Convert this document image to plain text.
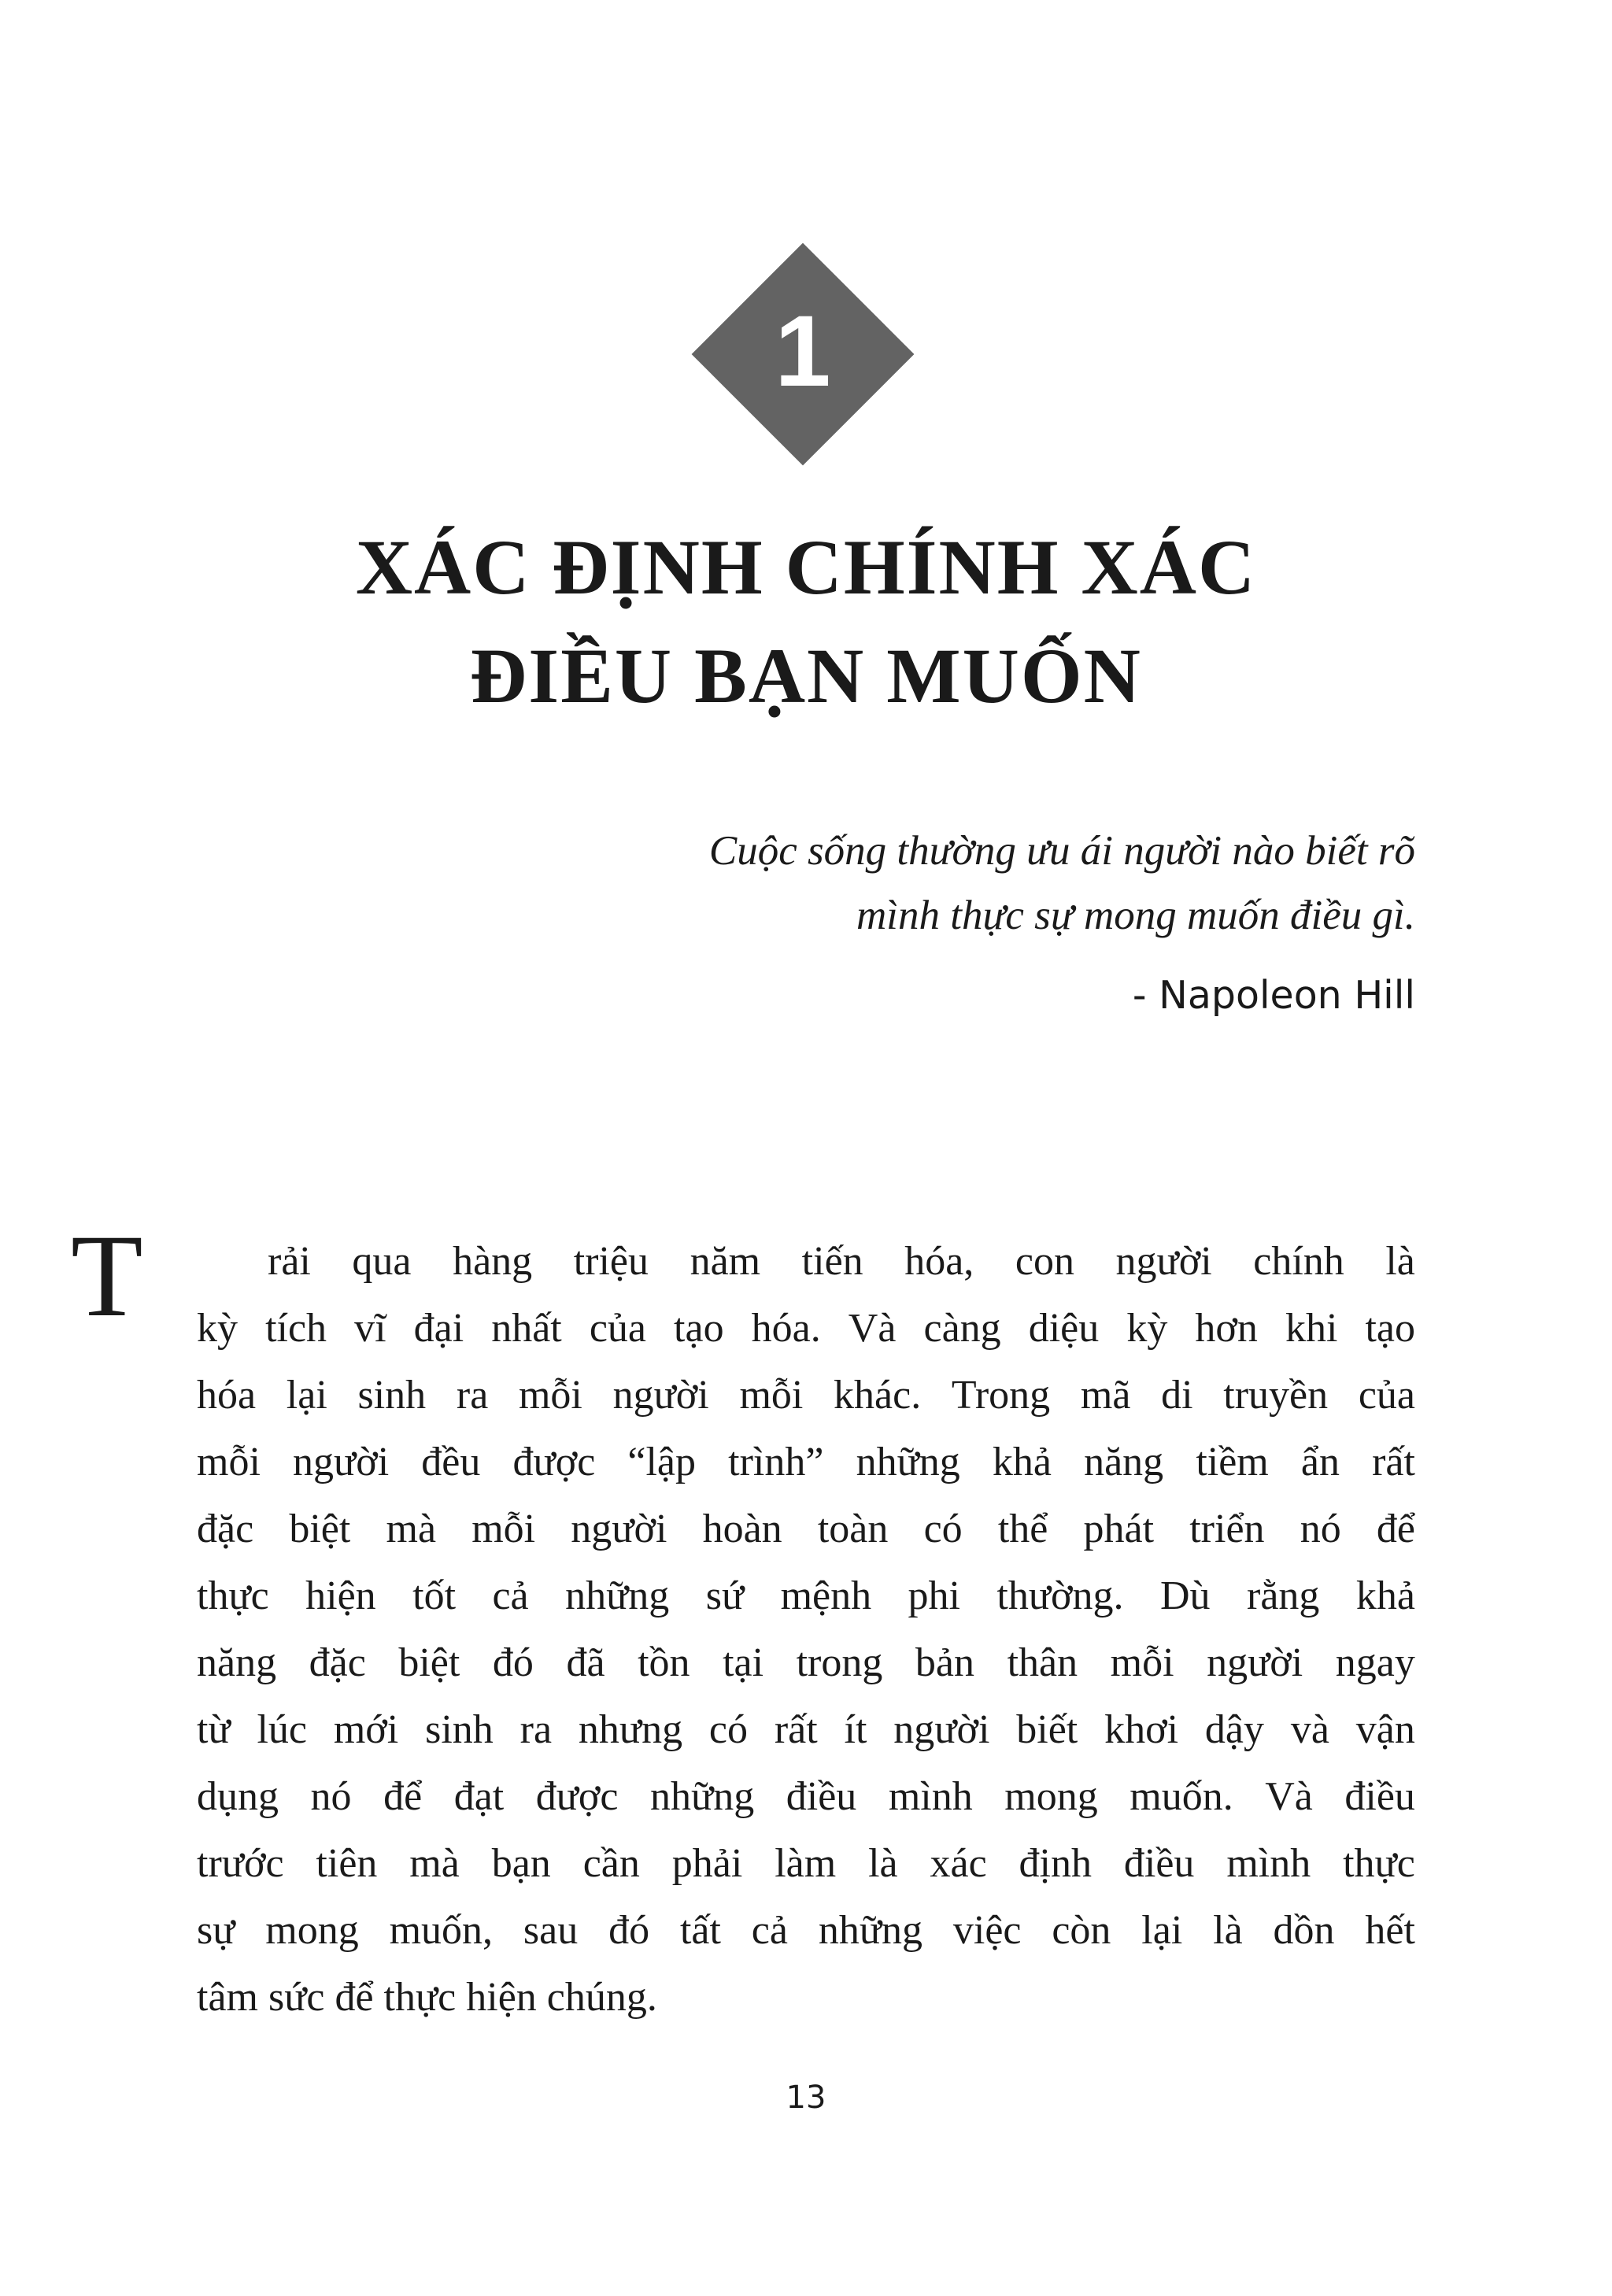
1
XÁC ĐỊNH CHÍNH XÁC
ĐIỀU BẠN MUỐN
Cuộc sống thường ưu ái người nào biết rõ
mình thực sự mong muốn điều gì.
- Napoleon Hill
T	rải qua hàng triệu năm tiến hóa, con người chính là
kỳ tích vĩ đại nhất của tạo hóa. Và càng diệu kỳ hơn khi tạo
hóa lại sinh ra mỗi người mỗi khác. Trong mã di truyền của
mỗi người đều được “lập trình” những khả năng tiềm ẩn rất
đặc biệt mà mỗi người hoàn toàn có thể phát triển nó để
thực hiện tốt cả những sứ mệnh phi thường. Dù rằng khả
năng đặc biệt đó đã tồn tại trong bản thân mỗi người ngay
từ lúc mới sinh ra nhưng có rất ít người biết khơi dậy và vận
dụng nó để đạt được những điều mình mong muốn. Và điều
trước tiên mà bạn cần phải làm là xác định điều mình thực
sự mong muốn, sau đó tất cả những việc còn lại là dồn hết
tâm sức để thực hiện chúng.
13
